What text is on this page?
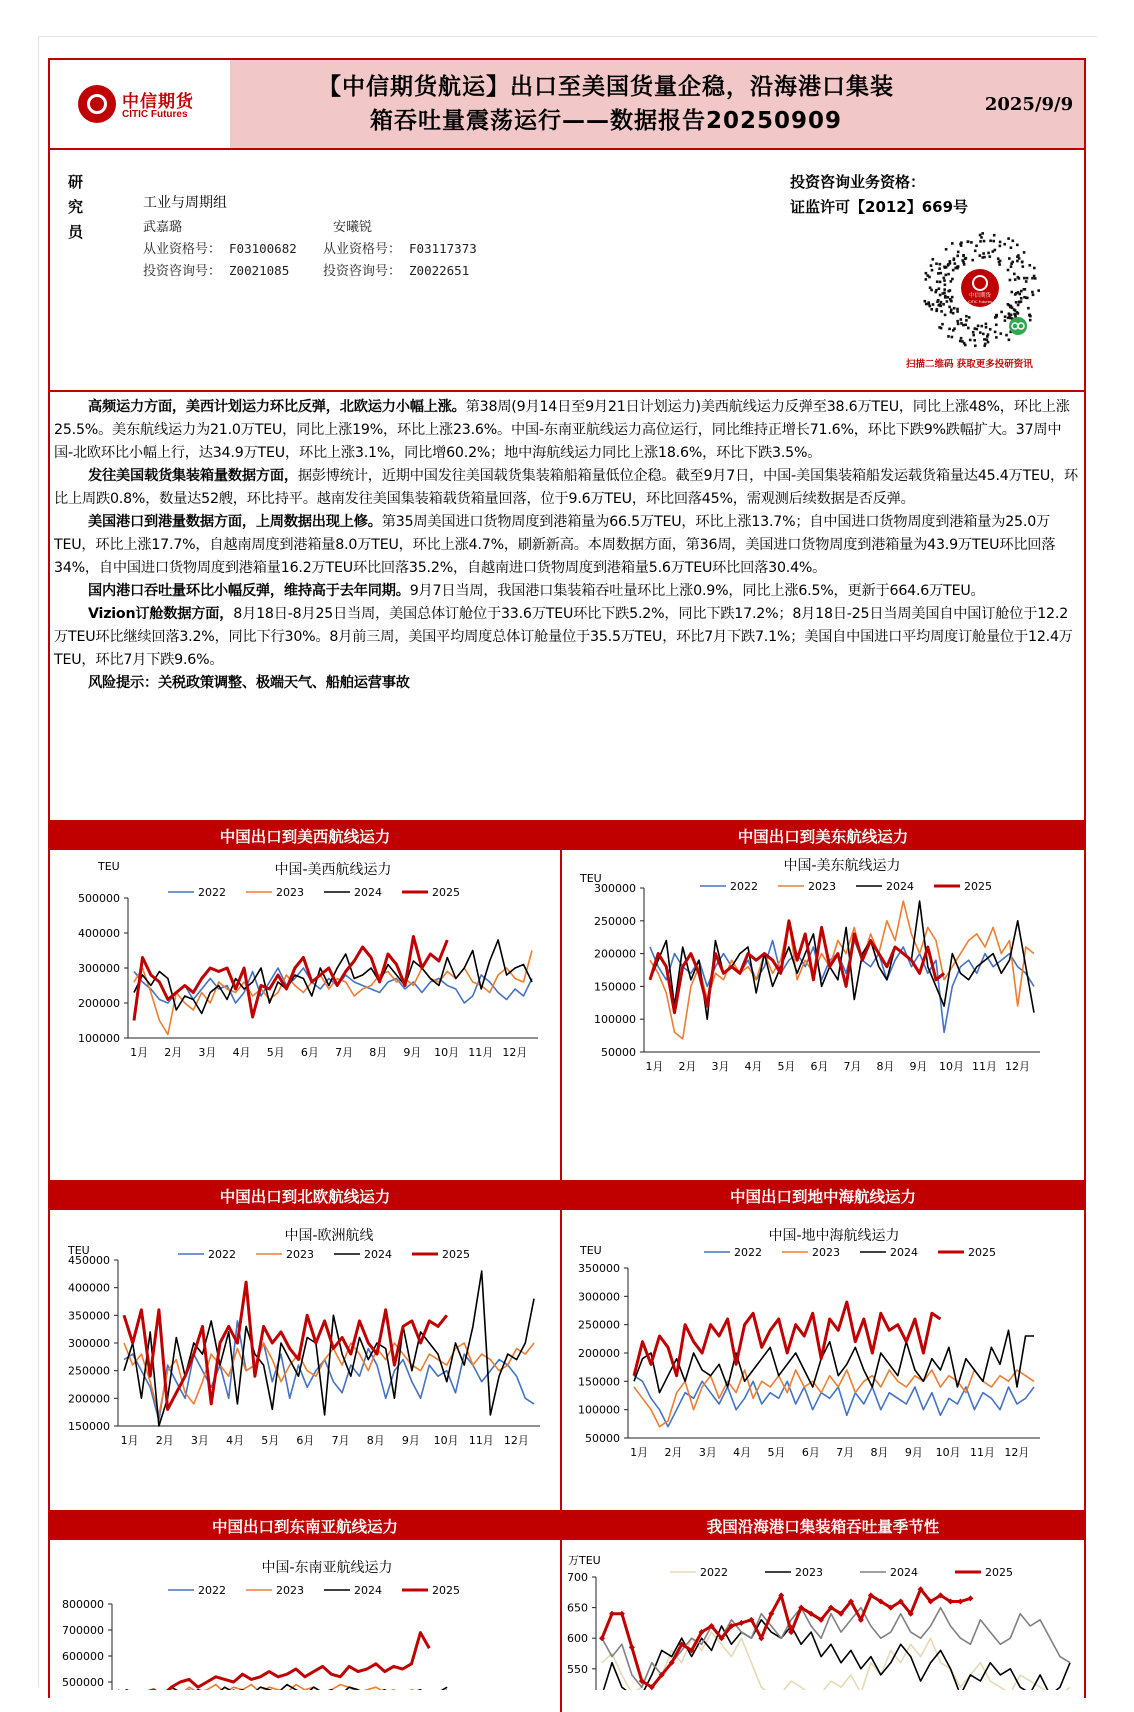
中信期货
CITIC Futures
【中信期货航运】出口至美国货量企稳，沿海港口集装
箱吞吐量震荡运行——数据报告20250909
2025/9/9
研
究
员
工业与周期组
武嘉璐
从业资格号： F03100682
投资咨询号： Z0021085
安曦锐
从业资格号： F03117373
投资咨询号： Z0022651
投资咨询业务资格：
证监许可【2012】669号
中信期货
CITIC Futures
扫描二维码 获取更多投研资讯

高频运力方面，美西计划运力环比反弹，北欧运力小幅上涨。第38周(9月14日至9月21日计划运力)美西航线运力反弹至38.6万TEU，同比上涨48%，环比上涨25.5%。美东航线运力为21.0万TEU，同比上涨19%，环比上涨23.6%。中国-东南亚航线运力高位运行，同比维持正增长71.6%，环比下跌9%跌幅扩大。37周中国-北欧环比小幅上行，达34.9万TEU，环比上涨3.1%，同比增60.2%；地中海航线运力同比上涨18.6%，环比下跌3.5%。

发往美国载货集装箱量数据方面，据彭博统计，近期中国发往美国载货集装箱船箱量低位企稳。截至9月7日，中国-美国集装箱船发运载货箱量达45.4万TEU，环比上周跌0.8%，数量达52艘，环比持平。越南发往美国集装箱载货箱量回落，位于9.6万TEU，环比回落45%，需观测后续数据是否反弹。

美国港口到港量数据方面，上周数据出现上修。第35周美国进口货物周度到港箱量为66.5万TEU，环比上涨13.7%；自中国进口货物周度到港箱量为25.0万TEU，环比上涨17.7%，自越南周度到港箱量8.0万TEU，环比上涨4.7%，刷新新高。本周数据方面，第36周，美国进口货物周度到港箱量为43.9万TEU环比回落34%，自中国进口货物周度到港箱量16.2万TEU环比回落35.2%，自越南进口货物周度到港箱量5.6万TEU环比回落30.4%。

国内港口吞吐量环比小幅反弹，维持高于去年同期。9月7日当周，我国港口集装箱吞吐量环比上涨0.9%，同比上涨6.5%，更新于664.6万TEU。

Vizion订舱数据方面，8月18日-8月25日当周，美国总体订舱位于33.6万TEU环比下跌5.2%，同比下跌17.2%；8月18日-25日当周美国自中国订舱位于12.2万TEU环比继续回落3.2%，同比下行30%。8月前三周，美国平均周度总体订舱量位于35.5万TEU，环比7月下跌7.1%；美国自中国进口平均周度订舱量位于12.4万TEU，环比7月下跌9.6%。

风险提示：关税政策调整、极端天气、船舶运营事故

中国出口到美西航线运力	中国出口到美东航线运力
中国-美西航线运力
TEU
2022	2023	2024	2025
100000
200000
300000
400000
500000
1月 2月 3月 4月 5月 6月 7月 8月 9月 10月 11月 12月
中国-美东航线运力
TEU
2022	2023	2024	2025
50000
100000
150000
200000
250000
300000
1月 2月 3月 4月 5月 6月 7月 8月 9月 10月 11月 12月
中国出口到北欧航线运力	中国出口到地中海航线运力
中国-欧洲航线
TEU	2022	2023	2024	2025
150000
200000
250000
300000
350000
400000
450000
1月 2月 3月 4月 5月 6月 7月 8月 9月 10月 11月 12月
中国-地中海航线运力
TEU	2022	2023	2024	2025
50000
100000
150000
200000
250000
300000
350000
1月 2月 3月 4月 5月 6月 7月 8月 9月 10月 11月 12月
中国出口到东南亚航线运力	我国沿海港口集装箱吞吐量季节性
中国-东南亚航线运力
2022	2023	2024	2025
500000
600000
700000
800000
万TEU
2022	2023	2024	2025
550
600
650
700
